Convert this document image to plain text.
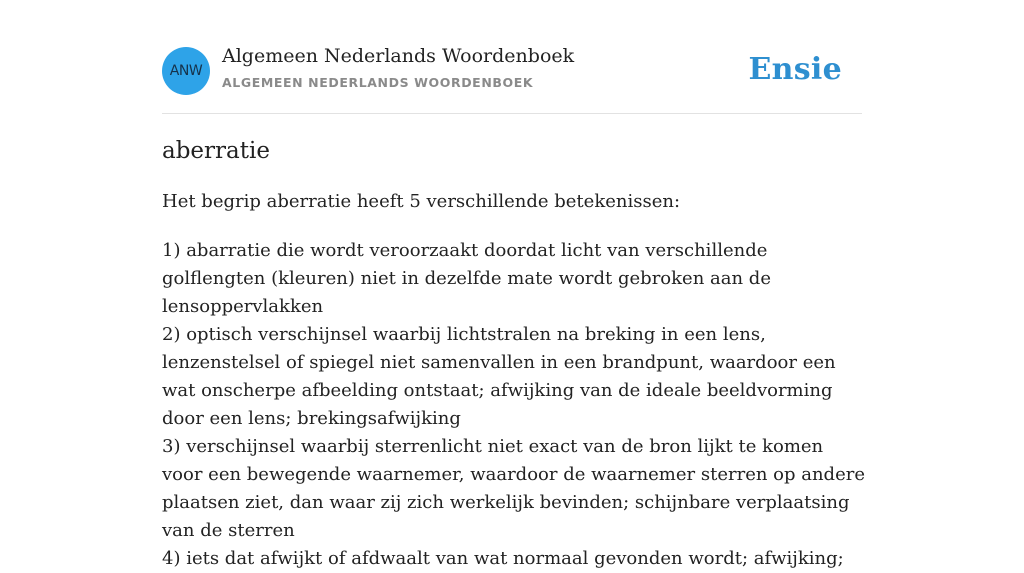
ANW
Algemeen Nederlands Woordenboek
ALGEMEEN NEDERLANDS WOORDENBOEK	Ensie
aberratie

Het begrip aberratie heeft 5 verschillende betekenissen:

1) abarratie die wordt veroorzaakt doordat licht van verschillende golflengten (kleuren) niet in dezelfde mate wordt gebroken aan de lensoppervlakken
2) optisch verschijnsel waarbij lichtstralen na breking in een lens, lenzenstelsel of spiegel niet samenvallen in een brandpunt, waardoor een wat onscherpe afbeelding ontstaat; afwijking van de ideale beeldvorming door een lens; brekingsafwijking
3) verschijnsel waarbij sterrenlicht niet exact van de bron lijkt te komen voor een bewegende waarnemer, waardoor de waarnemer sterren op andere plaatsen ziet, dan waar zij zich werkelijk bevinden; schijnbare verplaatsing van de sterren
4) iets dat afwijkt of afdwaalt van wat normaal gevonden wordt; afwijking;
